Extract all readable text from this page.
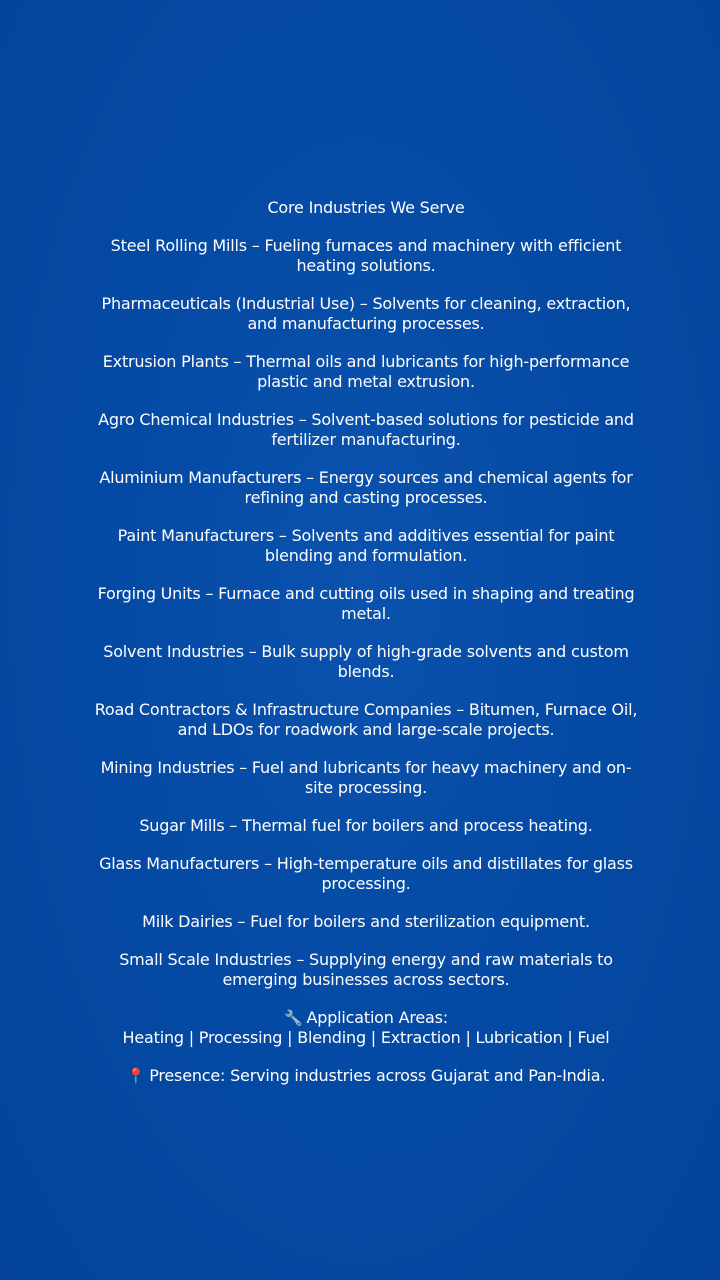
Core Industries We Serve
Steel Rolling Mills – Fueling furnaces and machinery with efficient heating solutions.
Pharmaceuticals (Industrial Use) – Solvents for cleaning, extraction, and manufacturing processes.
Extrusion Plants – Thermal oils and lubricants for high-performance plastic and metal extrusion.
Agro Chemical Industries – Solvent-based solutions for pesticide and fertilizer manufacturing.
Aluminium Manufacturers – Energy sources and chemical agents for refining and casting processes.
Paint Manufacturers – Solvents and additives essential for paint blending and formulation.
Forging Units – Furnace and cutting oils used in shaping and treating metal.
Solvent Industries – Bulk supply of high-grade solvents and custom blends.
Road Contractors & Infrastructure Companies – Bitumen, Furnace Oil, and LDOs for roadwork and large-scale projects.
Mining Industries – Fuel and lubricants for heavy machinery and on-site processing.
Sugar Mills – Thermal fuel for boilers and process heating.
Glass Manufacturers – High-temperature oils and distillates for glass processing.
Milk Dairies – Fuel for boilers and sterilization equipment.
Small Scale Industries – Supplying energy and raw materials to emerging businesses across sectors.
🔧 Application Areas:
Heating | Processing | Blending | Extraction | Lubrication | Fuel
📍 Presence: Serving industries across Gujarat and Pan-India.
